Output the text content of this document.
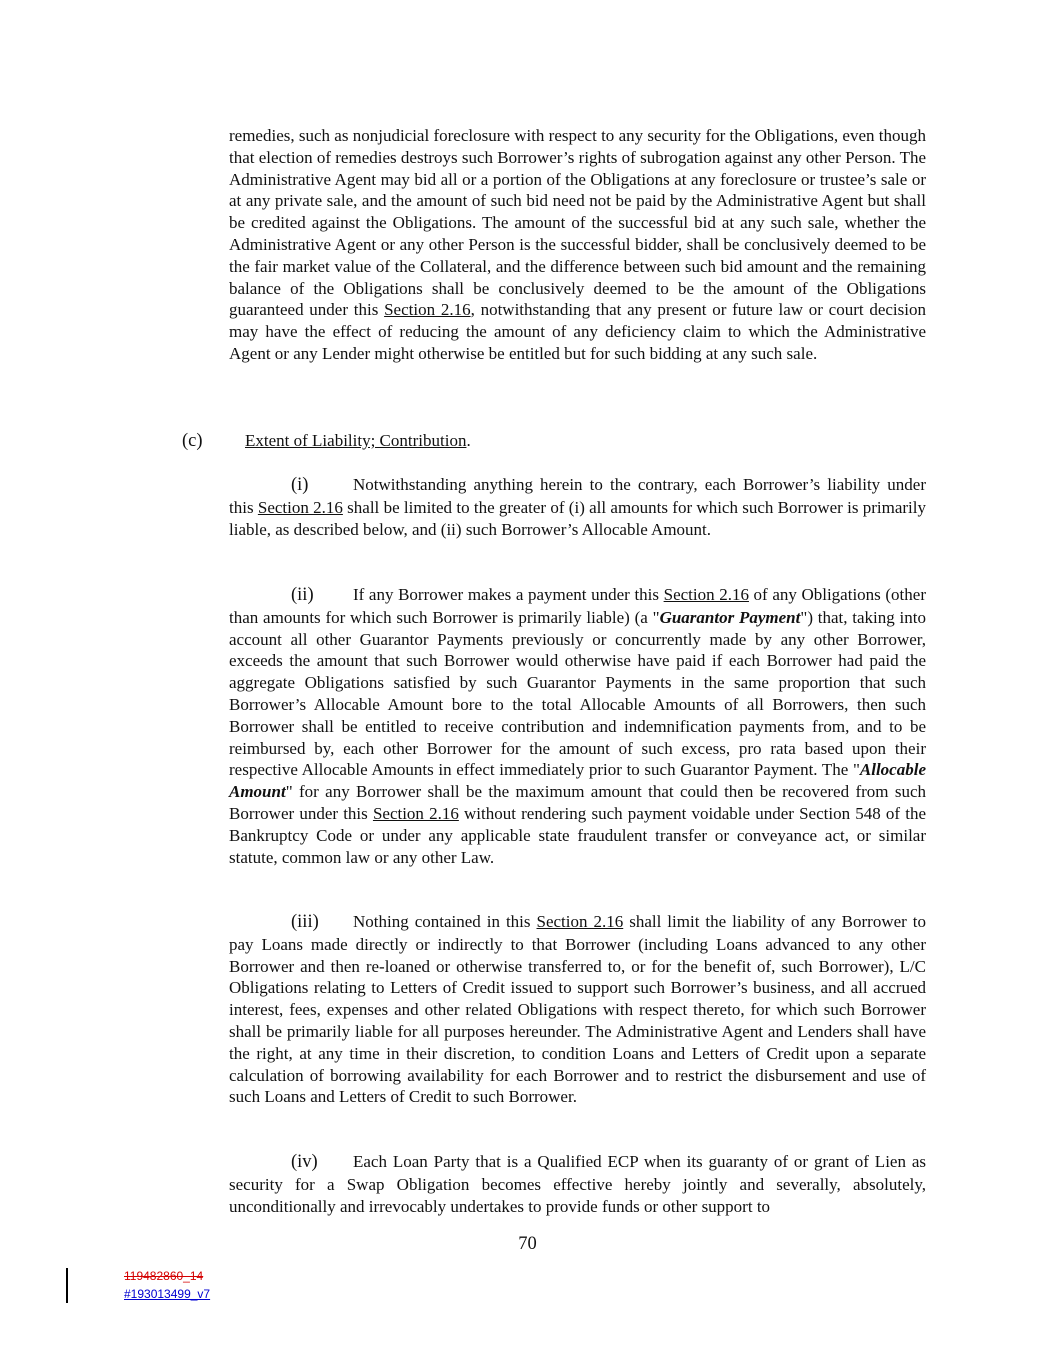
remedies, such as nonjudicial foreclosure with respect to any security for the Obligations, even though that election of remedies destroys such Borrower’s rights of subrogation against any other Person. The Administrative Agent may bid all or a portion of the Obligations at any foreclosure or trustee’s sale or at any private sale, and the amount of such bid need not be paid by the Administrative Agent but shall be credited against the Obligations. The amount of the successful bid at any such sale, whether the Administrative Agent or any other Person is the successful bidder, shall be conclusively deemed to be the fair market value of the Collateral, and the difference between such bid amount and the remaining balance of the Obligations shall be conclusively deemed to be the amount of the Obligations guaranteed under this Section 2.16, notwithstanding that any present or future law or court decision may have the effect of reducing the amount of any deficiency claim to which the Administrative Agent or any Lender might otherwise be entitled but for such bidding at any such sale.
(c) Extent of Liability; Contribution.
(i)	Notwithstanding anything herein to the contrary, each Borrower’s liability under this Section 2.16 shall be limited to the greater of (i) all amounts for which such Borrower is primarily liable, as described below, and (ii) such Borrower’s Allocable Amount.
(ii) If any Borrower makes a payment under this Section 2.16 of any Obligations (other than amounts for which such Borrower is primarily liable) (a "Guarantor Payment") that, taking into account all other Guarantor Payments previously or concurrently made by any other Borrower, exceeds the amount that such Borrower would otherwise have paid if each Borrower had paid the aggregate Obligations satisfied by such Guarantor Payments in the same proportion that such Borrower’s Allocable Amount bore to the total Allocable Amounts of all Borrowers, then such Borrower shall be entitled to receive contribution and indemnification payments from, and to be reimbursed by, each other Borrower for the amount of such excess, pro rata based upon their respective Allocable Amounts in effect immediately prior to such Guarantor Payment. The "Allocable Amount" for any Borrower shall be the maximum amount that could then be recovered from such Borrower under this Section 2.16 without rendering such payment voidable under Section 548 of the Bankruptcy Code or under any applicable state fraudulent transfer or conveyance act, or similar statute, common law or any other Law.
(iii) Nothing contained in this Section 2.16 shall limit the liability of any Borrower to pay Loans made directly or indirectly to that Borrower (including Loans advanced to any other Borrower and then re-loaned or otherwise transferred to, or for the benefit of, such Borrower), L/C Obligations relating to Letters of Credit issued to support such Borrower’s business, and all accrued interest, fees, expenses and other related Obligations with respect thereto, for which such Borrower shall be primarily liable for all purposes hereunder. The Administrative Agent and Lenders shall have the right, at any time in their discretion, to condition Loans and Letters of Credit upon a separate calculation of borrowing availability for each Borrower and to restrict the disbursement and use of such Loans and Letters of Credit to such Borrower.
(iv) Each Loan Party that is a Qualified ECP when its guaranty of or grant of Lien as security for a Swap Obligation becomes effective hereby jointly and severally, absolutely, unconditionally and irrevocably undertakes to provide funds or other support to
70
119482860_14
#193013499_v7
